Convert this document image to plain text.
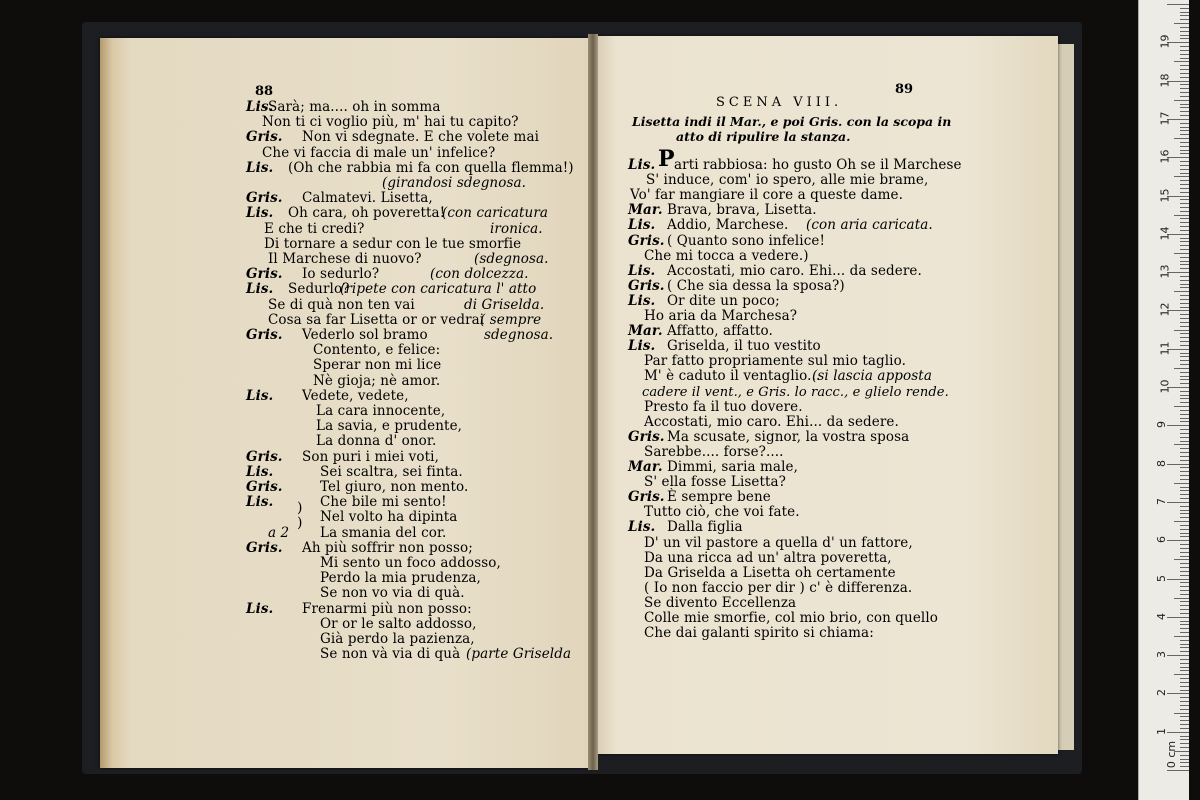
88
Lis.
Sarà; ma.... oh in somma
Non ti ci voglio più, m' hai tu capito?
Gris. Non vi sdegnate. E che volete mai
Che vi faccia di male un' infelice?
Lis. (Oh che rabbia mi fa con quella flemma!)
(girandosi sdegnosa.
Gris. Calmatevi. Lisetta,
Lis. Oh cara, oh poveretta!
(con caricatura
E che ti credi?	ironica.
Di tornare a sedur con le tue smorfie
Il Marchese di nuovo?	(sdegnosa.
Gris. Io sedurlo?	(con dolcezza.
Lis. Sedurlo?
(ripete con caricatura l' atto
Se di quà non ten vai	di Griselda.
Cosa sa far Lisetta or or vedrai
( sempre
Gris. Vederlo sol bramo	sdegnosa.
Contento, e felice:
Sperar non mi lice
Nè gioja; nè amor.
Lis. Vedete, vedete,
La cara innocente,
La savia, e prudente,
La donna d' onor.
Gris. Son puri i miei voti,
Lis.	Sei scaltra, sei finta.
Gris.	Tel giuro, non mento.
Lis.	Che bile mi sento!
Nel volto ha dipinta
a 2 La smania del cor.
Gris. Ah più soffrir non posso;
Mi sento un foco addosso,
Perdo la mia prudenza,
Se non vo via di quà.
Lis. Frenarmi più non posso:
Or or le salto addosso,
Già perdo la pazienza,
Se non và via di quà (parte Griselda
)
)
89
SCENA VIII.
Lisetta indi il Mar., e poi Gris. con la scopa in
atto di ripulire la stanza.
Lis. P arti rabbiosa: ho gusto Oh se il Marchese
S' induce, com' io spero, alle mie brame,
Vo' far mangiare il core a queste dame.
Mar. Brava, brava, Lisetta.
Lis. Addio, Marchese. (con aria caricata.
Gris. ( Quanto sono infelice!
Che mi tocca a vedere.)
Lis. Accostati, mio caro. Ehi... da sedere.
Gris. ( Che sia dessa la sposa?)
Lis. Or dite un poco;
Ho aria da Marchesa?
Mar. Affatto, affatto.
Lis. Griselda, il tuo vestito
Par fatto propriamente sul mio taglio.
M' è caduto il ventaglio...
(si lascia apposta
cadere il vent., e Gris. lo racc., e glielo rende.
Presto fa il tuo dovere.
Accostati, mio caro. Ehi... da sedere.
Gris. Ma scusate, signor, la vostra sposa
Sarebbe.... forse?....
Mar. Dimmi, saria male,
S' ella fosse Lisetta?
Gris. È sempre bene
Tutto ciò, che voi fate.
Lis. Dalla figlia
D' un vil pastore a quella d' un fattore,
Da una ricca ad un' altra poveretta,
Da Griselda a Lisetta oh certamente
( Io non faccio per dir ) c' è differenza.
Se divento Eccellenza
Colle mie smorfie, col mio brio, con quello
Che dai galanti spirito si chiama:
0 cm
1
2
3
4
5
6
7
8
9
10
11
12
13
14
15
16
17
18
19
